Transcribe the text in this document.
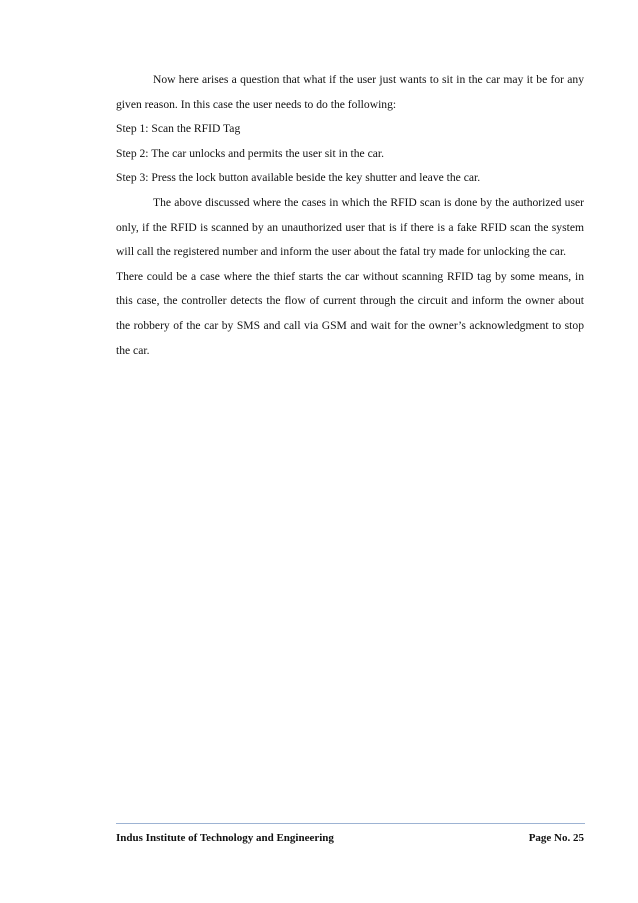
Now here arises a question that what if the user just wants to sit in the car may it be for any given reason. In this case the user needs to do the following:

Step 1: Scan the RFID Tag

Step 2: The car unlocks and permits the user sit in the car.

Step 3: Press the lock button available beside the key shutter and leave the car.

The above discussed where the cases in which the RFID scan is done by the authorized user only, if the RFID is scanned by an unauthorized user that is if there is a fake RFID scan the system will call the registered number and inform the user about the fatal try made for unlocking the car.

There could be a case where the thief starts the car without scanning RFID tag by some means, in this case, the controller detects the flow of current through the circuit and inform the owner about the robbery of the car by SMS and call via GSM and wait for the owner’s acknowledgment to stop the car.

Indus Institute of Technology and Engineering	Page No. 25
